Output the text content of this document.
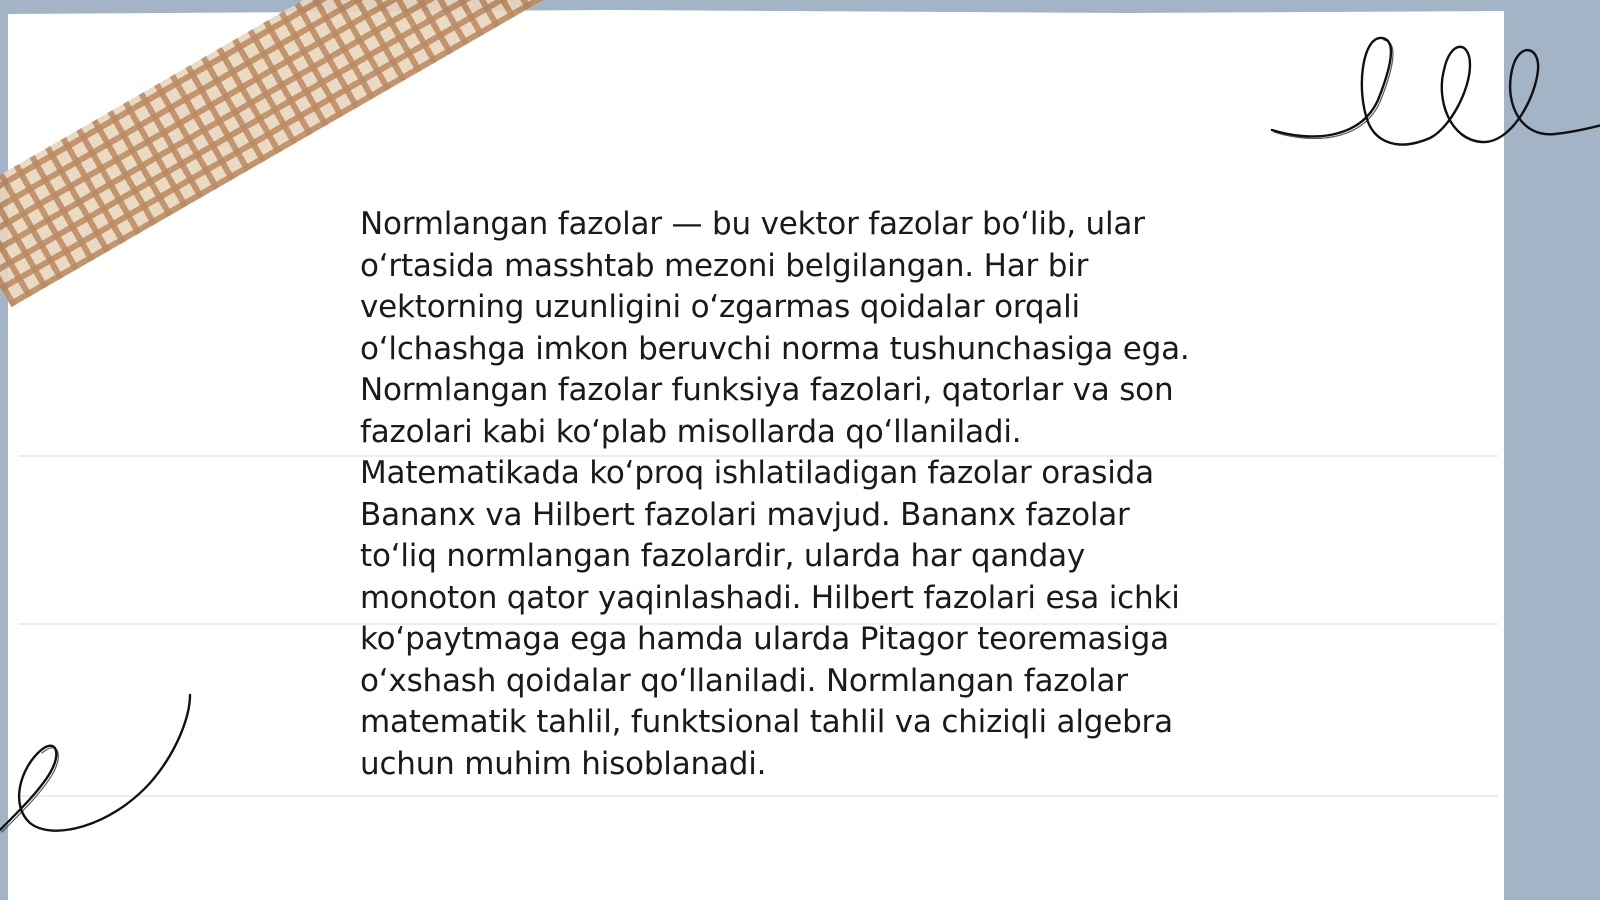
Normlangan fazolar — bu vektor fazolar boʻlib, ular
oʻrtasida masshtab mezoni belgilangan. Har bir
vektorning uzunligini oʻzgarmas qoidalar orqali
oʻlchashga imkon beruvchi norma tushunchasiga ega.
Normlangan fazolar funksiya fazolari, qatorlar va son
fazolari kabi koʻplab misollarda qoʻllaniladi.
Matematikada koʻproq ishlatiladigan fazolar orasida
Bananx va Hilbert fazolari mavjud. Bananx fazolar
toʻliq normlangan fazolardir, ularda har qanday
monoton qator yaqinlashadi. Hilbert fazolari esa ichki
koʻpaytmaga ega hamda ularda Pitagor teoremasiga
oʻxshash qoidalar qoʻllaniladi. Normlangan fazolar
matematik tahlil, funktsional tahlil va chiziqli algebra
uchun muhim hisoblanadi.
